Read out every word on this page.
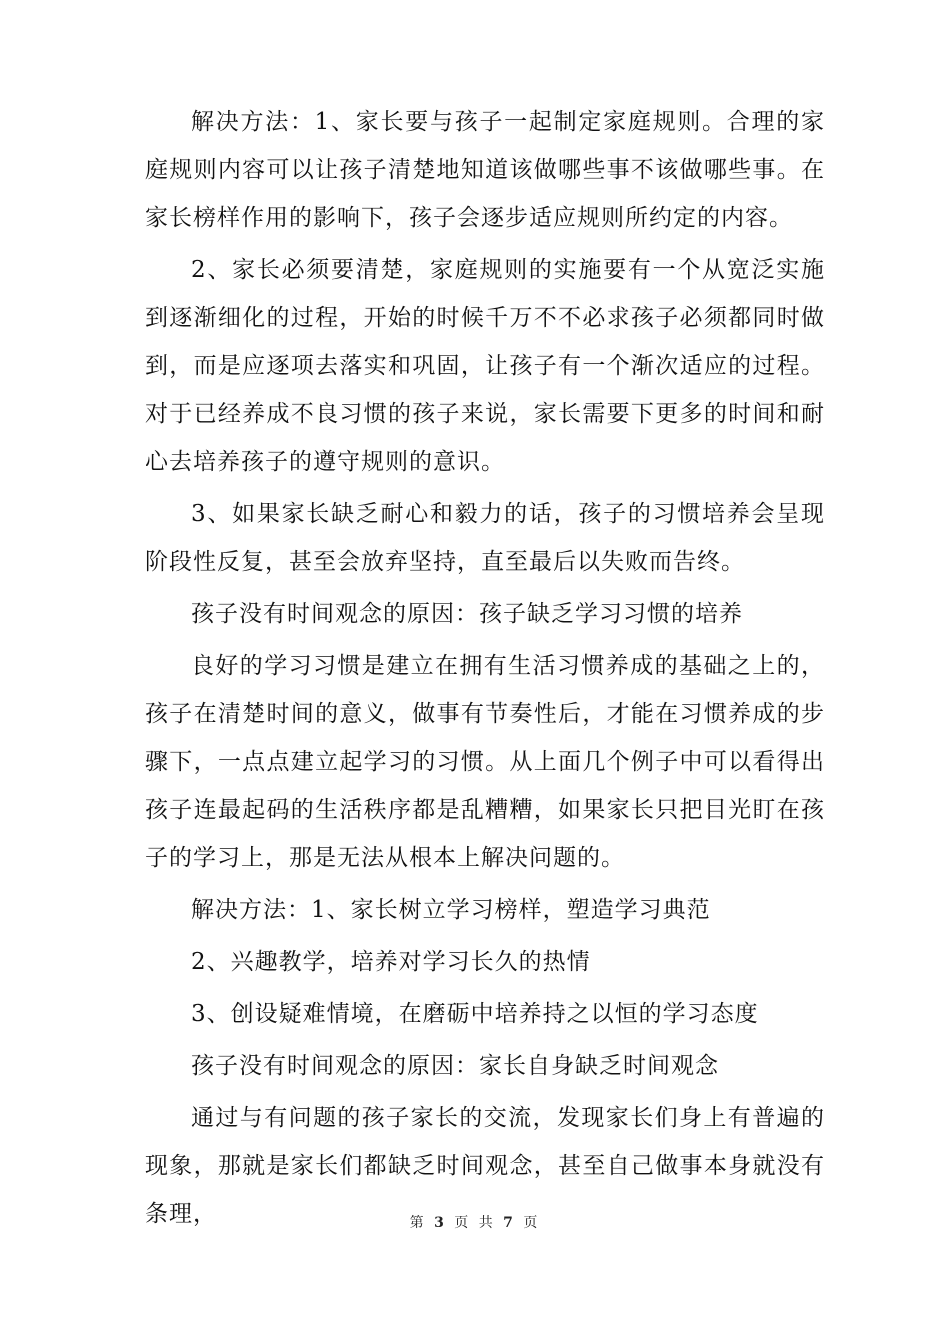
解决方法：1、家长要与孩子一起制定家庭规则。合理的家庭规则内容可以让孩子清楚地知道该做哪些事不该做哪些事。在家长榜样作用的影响下，孩子会逐步适应规则所约定的内容。

2、家长必须要清楚，家庭规则的实施要有一个从宽泛实施到逐渐细化的过程，开始的时候千万不不必求孩子必须都同时做到，而是应逐项去落实和巩固，让孩子有一个渐次适应的过程。对于已经养成不良习惯的孩子来说，家长需要下更多的时间和耐心去培养孩子的遵守规则的意识。

3、如果家长缺乏耐心和毅力的话，孩子的习惯培养会呈现阶段性反复，甚至会放弃坚持，直至最后以失败而告终。

孩子没有时间观念的原因：孩子缺乏学习习惯的培养

良好的学习习惯是建立在拥有生活习惯养成的基础之上的，孩子在清楚时间的意义，做事有节奏性后，才能在习惯养成的步骤下，一点点建立起学习的习惯。从上面几个例子中可以看得出孩子连最起码的生活秩序都是乱糟糟，如果家长只把目光盯在孩子的学习上，那是无法从根本上解决问题的。

解决方法：1、家长树立学习榜样，塑造学习典范

2、兴趣教学，培养对学习长久的热情

3、创设疑难情境，在磨砺中培养持之以恒的学习态度

孩子没有时间观念的原因：家长自身缺乏时间观念

通过与有问题的孩子家长的交流，发现家长们身上有普遍的现象，那就是家长们都缺乏时间观念，甚至自己做事本身就没有条理，	第 3 页 共 7 页
